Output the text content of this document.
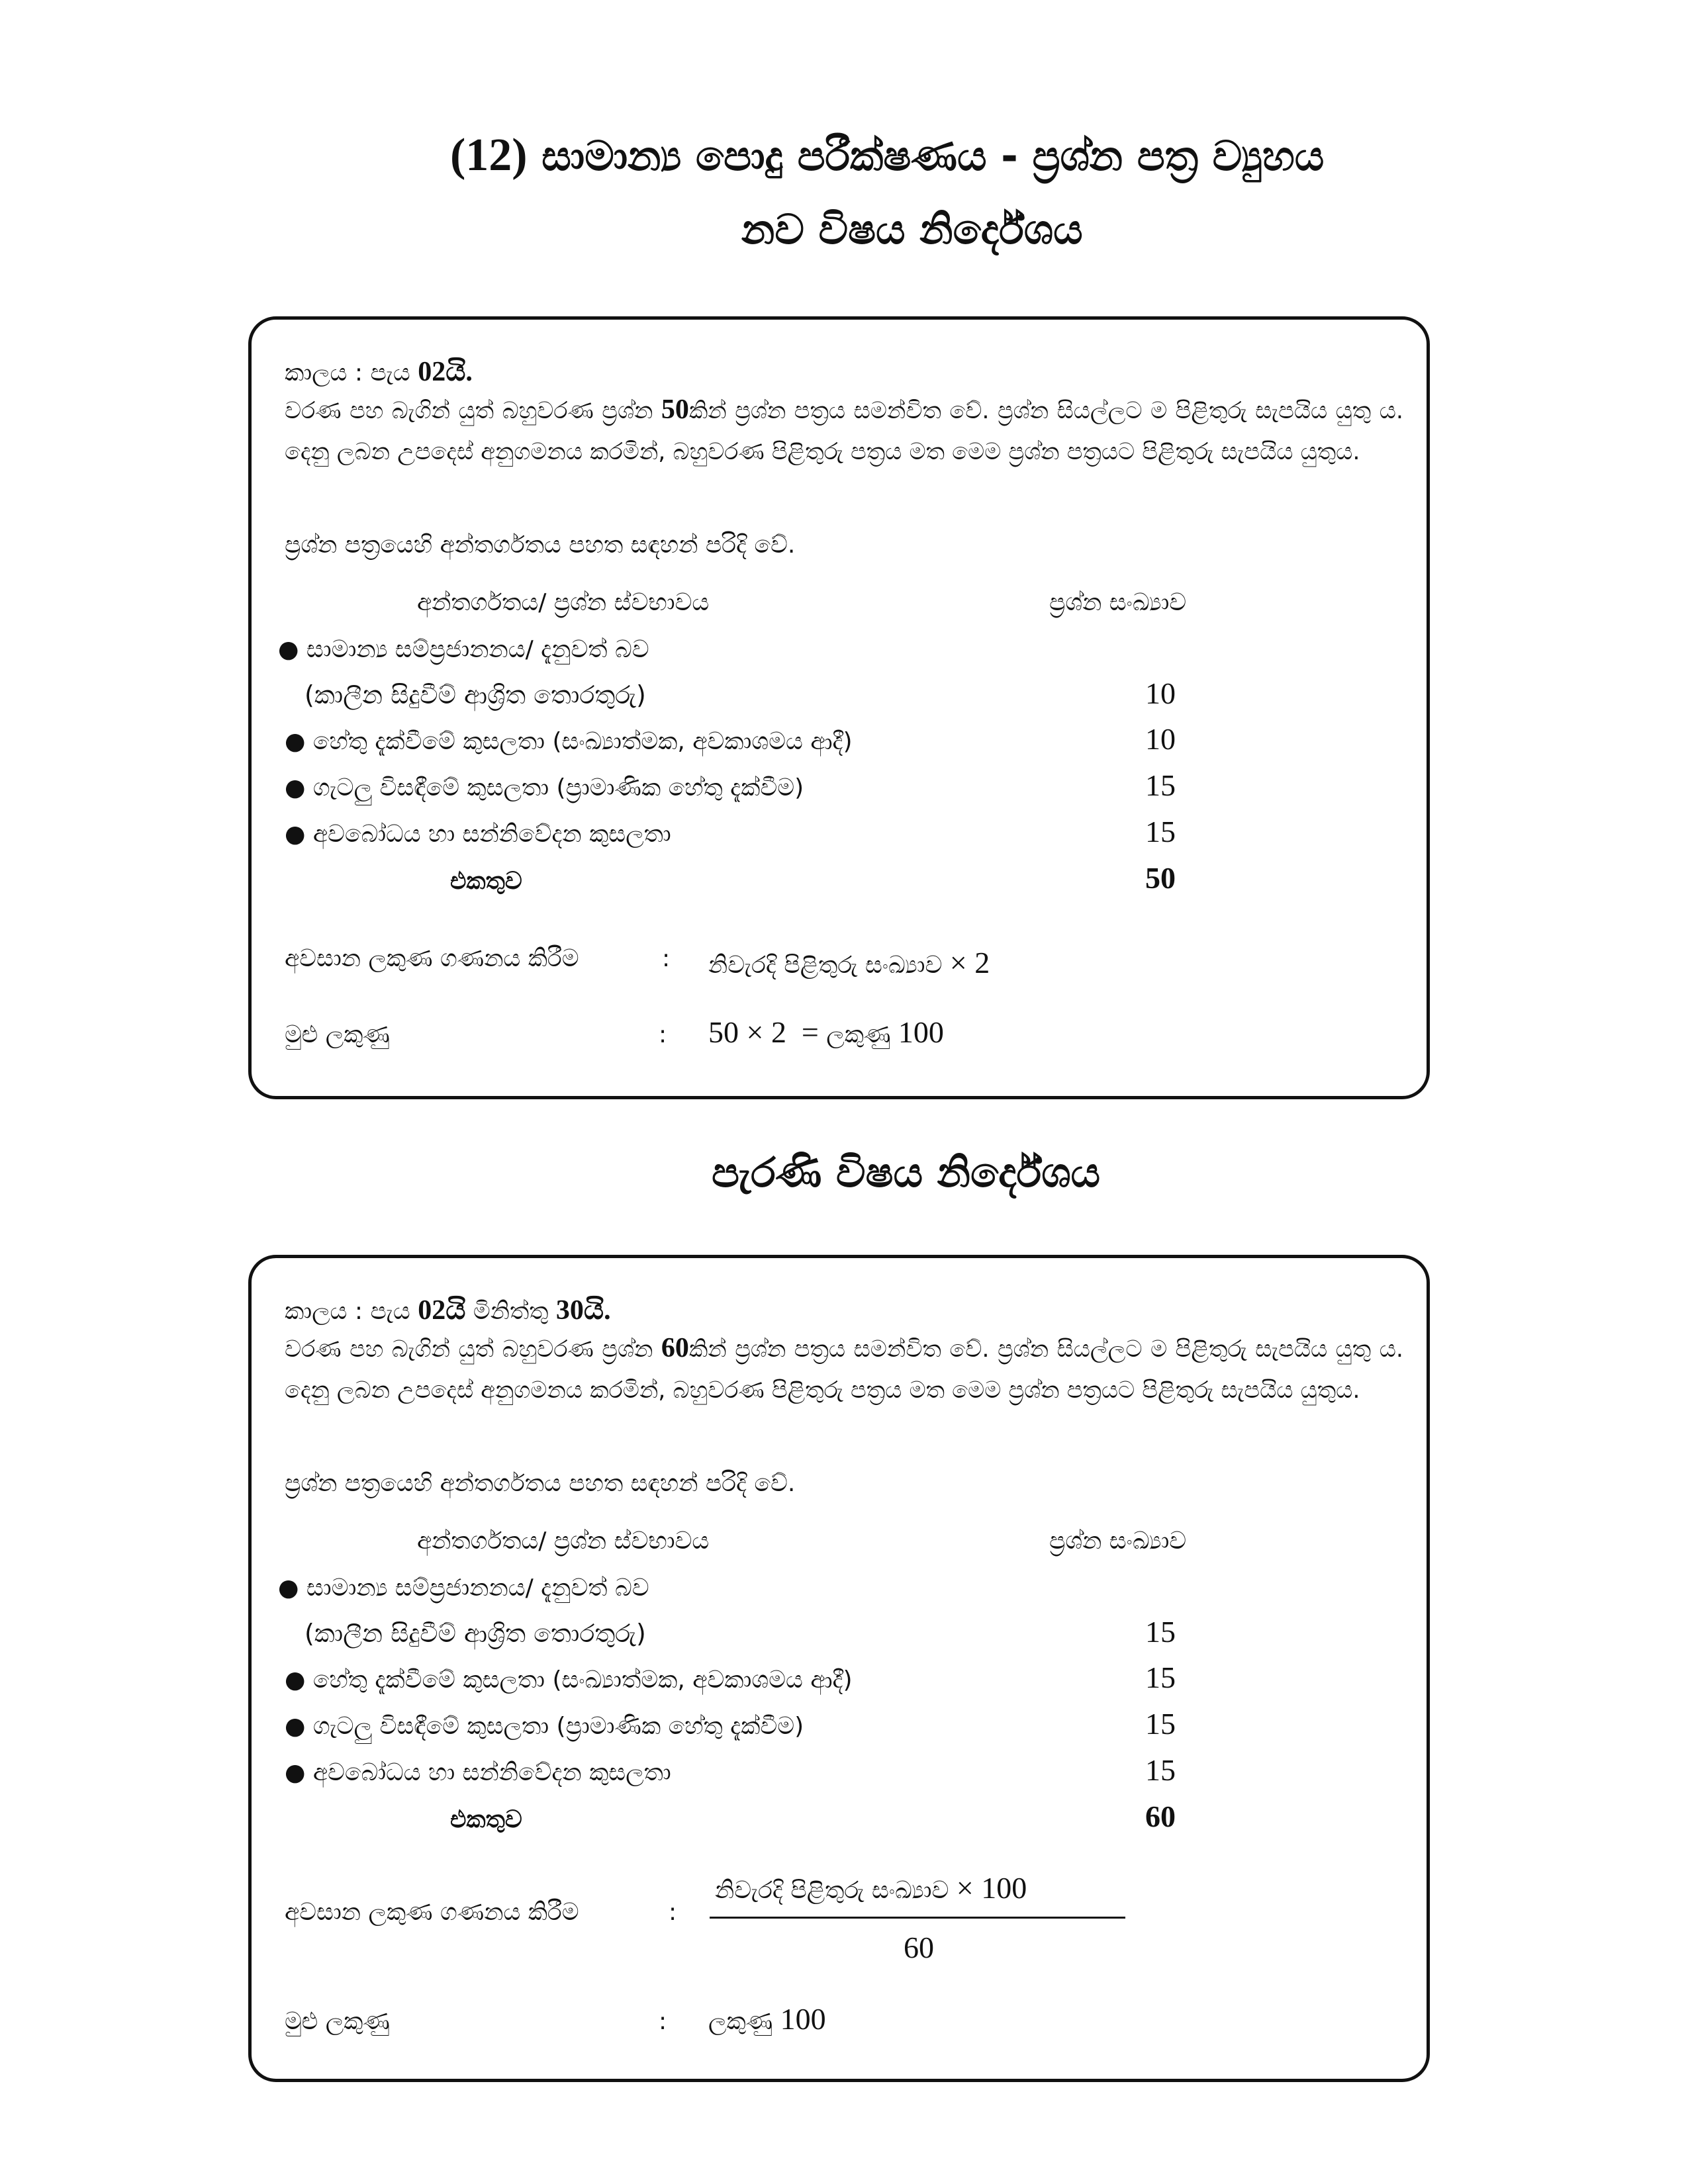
(12) සාමාන්‍ය පොදු පරීක්ෂණය - ප්‍රශ්න පත්‍ර ව්‍යුහය
නව විෂය නිර්දේශය
කාලය : පැය 02යි.
වරණ පහ බැගින් යුත් බහුවරණ ප්‍රශ්න 50කින් ප්‍රශ්න පත්‍රය සමන්විත වේ. ප්‍රශ්න සියල්ලට ම පිළිතුරු සැපයිය යුතු ය. දෙනු ලබන උපදෙස් අනුගමනය කරමින්, බහුවරණ පිළිතුරු පත්‍රය මත මෙම ප්‍රශ්න පත්‍රයට පිළිතුරු සැපයිය යුතුය.
ප්‍රශ්න පත්‍රයෙහි අන්තර්ගතය පහත සඳහන් පරිදි වේ.
අන්තර්ගතය/ ප්‍රශ්න ස්වභාවය	ප්‍රශ්න සංඛ්‍යාව
● සාමාන්‍ය සම්ප්‍රජානනය/ දැනුවත් බව
(කාලීන සිදුවීම් ආශ්‍රිත තොරතුරු)	10
● හේතු දැක්වීමේ කුසලතා (සංඛ්‍යාත්මක, අවකාශමය ආදී)	10
● ගැටලු විසඳීමේ කුසලතා (ප්‍රාමාණික හේතු දැක්වීම)	15
● අවබෝධය හා සන්නිවේදන කුසලතා	15
එකතුව	50
අවසාන ලකුණ ගණනය කිරීම	: නිවැරදි පිළිතුරු සංඛ්‍යාව × 2
මුළු ලකුණු	: 50 × 2 = ලකුණු 100
පැරණි විෂය නිර්දේශය
කාලය : පැය 02යි මිනිත්තු 30යි.
වරණ පහ බැගින් යුත් බහුවරණ ප්‍රශ්න 60කින් ප්‍රශ්න පත්‍රය සමන්විත වේ. ප්‍රශ්න සියල්ලට ම පිළිතුරු සැපයිය යුතු ය. දෙනු ලබන උපදෙස් අනුගමනය කරමින්, බහුවරණ පිළිතුරු පත්‍රය මත මෙම ප්‍රශ්න පත්‍රයට පිළිතුරු සැපයිය යුතුය.
ප්‍රශ්න පත්‍රයෙහි අන්තර්ගතය පහත සඳහන් පරිදි වේ.
අන්තර්ගතය/ ප්‍රශ්න ස්වභාවය	ප්‍රශ්න සංඛ්‍යාව
● සාමාන්‍ය සම්ප්‍රජානනය/ දැනුවත් බව
(කාලීන සිදුවීම් ආශ්‍රිත තොරතුරු)	15
● හේතු දැක්වීමේ කුසලතා (සංඛ්‍යාත්මක, අවකාශමය ආදී)	15
● ගැටලු විසඳීමේ කුසලතා (ප්‍රාමාණික හේතු දැක්වීම)	15
● අවබෝධය හා සන්නිවේදන කුසලතා	15
එකතුව	60
අවසාන ලකුණ ගණනය කිරීම	:
නිවැරදි පිළිතුරු සංඛ්‍යාව × 100
60
මුළු ලකුණු	: ලකුණු 100
